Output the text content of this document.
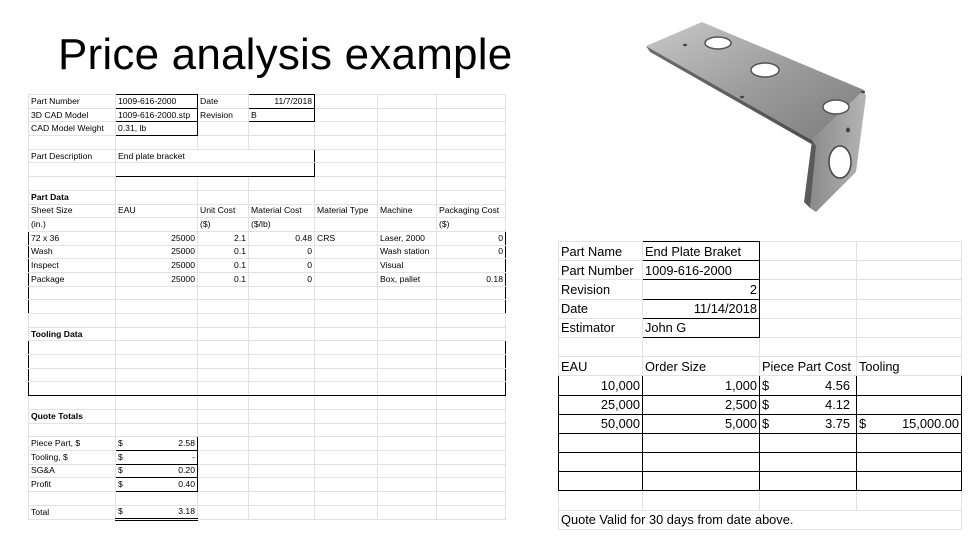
Price analysis example
Part Number	1009-616-2000	Date	11/7/2018			
3D CAD Model	1009-616-2000.stp	Revision	B			
CAD Model Weight	0.31, lb					

Part Description	End plate bracket					

Part Data						
Sheet Size	EAU	Unit Cost	Material Cost	Material Type	Machine	Packaging Cost
(in.)		($)	($/lb)			($)
72 x 36	25000	2.1	0.48	CRS	Laser, 2000	0
Wash	25000	0.1	0		Wash station	0
Inspect	25000	0.1	0		Visual	
Package	25000	0.1	0		Box, pallet	0.18

Tooling Data						

Quote Totals						

Piece Part, $	$ 2.58					

Tooling, $	$ -					

SG&A	$ 0.20					

Profit	$ 0.40					

Total	$ 3.18					

Part Name	End Plate Braket		
Part Number	1009-616-2000		
Revision	2		
Date	11/14/2018		
Estimator	John G		

EAU	Order Size	Piece Part Cost	Tooling
10,000	1,000	$ 4.56	

25,000	2,500	$ 4.12	

50,000	5,000	$ 3.75	$ 15,000.00

Quote Valid for 30 days from date above.			
